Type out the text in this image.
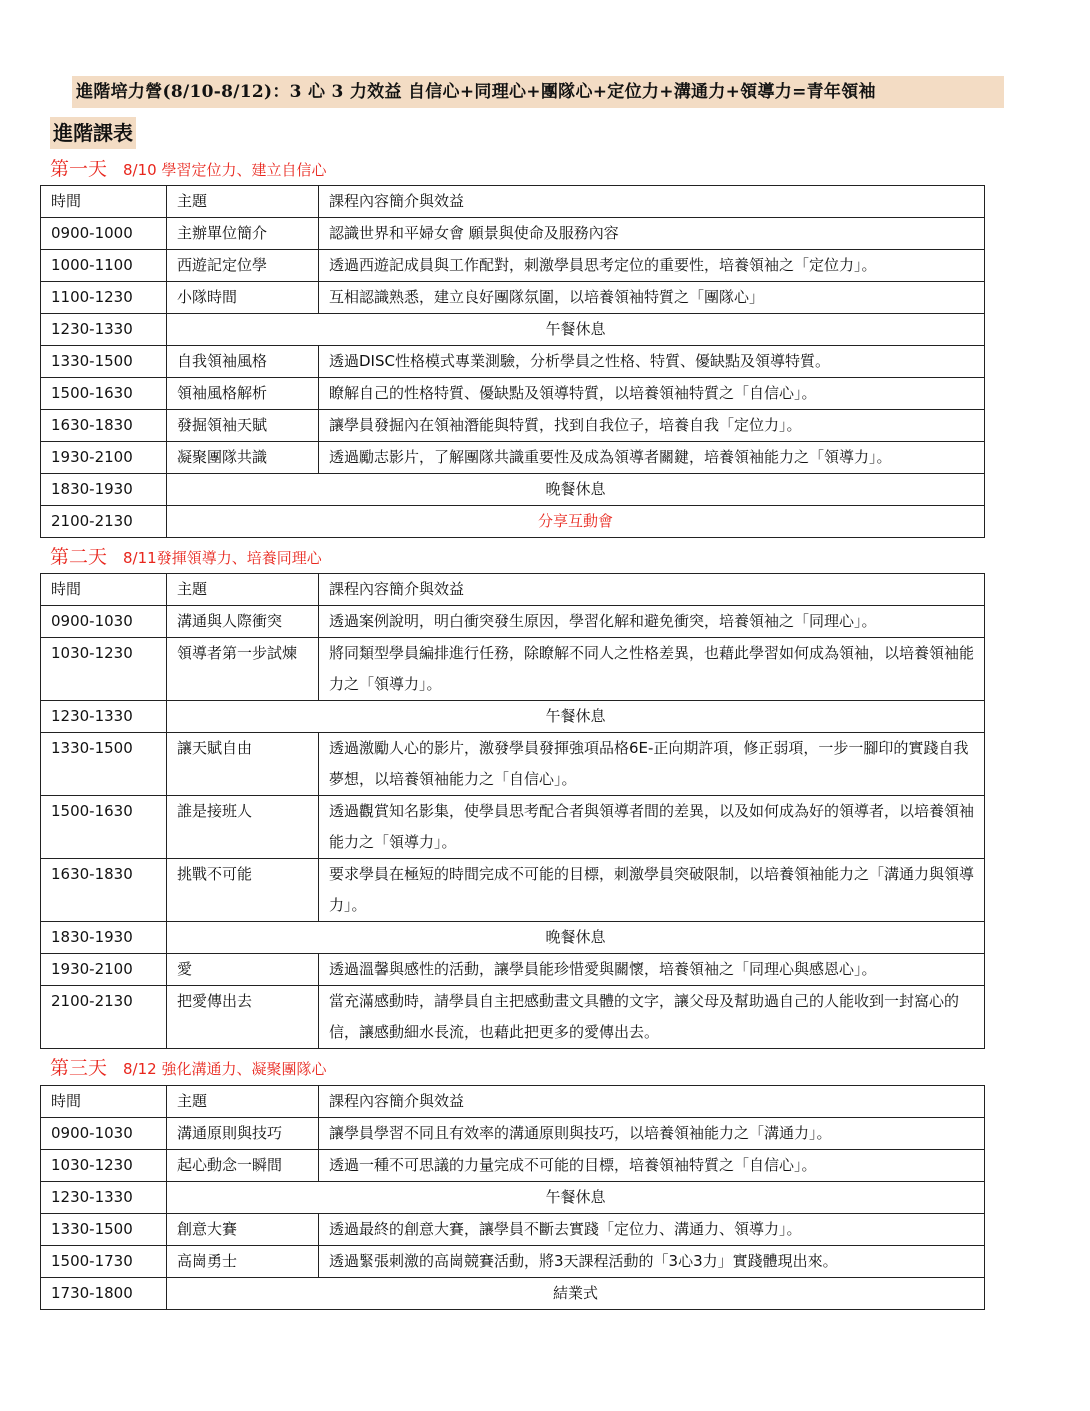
進階培力營(8/10-8/12)：3 心 3 力效益 自信心+同理心+團隊心+定位力+溝通力+領導力=青年領袖
進階課表
第一天 8/10 學習定位力、建立自信心
時間	主題	課程內容簡介與效益
0900-1000	主辦單位簡介	認識世界和平婦女會 願景與使命及服務內容
1000-1100	西遊記定位學	透過西遊記成員與工作配對，刺激學員思考定位的重要性，培養領袖之「定位力」。
1100-1230	小隊時間	互相認識熟悉，建立良好團隊氛圍，以培養領袖特質之「團隊心」
1230-1330	午餐休息	
1330-1500	自我領袖風格	透過DISC性格模式專業測驗，分析學員之性格、特質、優缺點及領導特質。
1500-1630	領袖風格解析	瞭解自己的性格特質、優缺點及領導特質，以培養領袖特質之「自信心」。
1630-1830	發掘領袖天賦	讓學員發掘內在領袖潛能與特質，找到自我位子，培養自我「定位力」。
1930-2100	凝聚團隊共識	透過勵志影片，了解團隊共識重要性及成為領導者關鍵，培養領袖能力之「領導力」。
1830-1930	晚餐休息	
2100-2130	分享互動會	
第二天 8/11發揮領導力、培養同理心
時間	主題	課程內容簡介與效益
0900-1030	溝通與人際衝突	透過案例說明，明白衝突發生原因，學習化解和避免衝突，培養領袖之「同理心」。
1030-1230	領導者第一步試煉	將同類型學員編排進行任務，除瞭解不同人之性格差異，也藉此學習如何成為領袖，以培養領袖能力之「領導力」。
1230-1330	午餐休息	
1330-1500	讓天賦自由	透過激勵人心的影片，激發學員發揮強項品格6E-正向期許項，修正弱項，一步一腳印的實踐自我夢想，以培養領袖能力之「自信心」。
1500-1630	誰是接班人	透過觀賞知名影集，使學員思考配合者與領導者間的差異，以及如何成為好的領導者，以培養領袖能力之「領導力」。
1630-1830	挑戰不可能	要求學員在極短的時間完成不可能的目標，刺激學員突破限制，以培養領袖能力之「溝通力與領導力」。
1830-1930	晚餐休息	
1930-2100	愛	透過溫馨與感性的活動，讓學員能珍惜愛與關懷，培養領袖之「同理心與感恩心」。
2100-2130	把愛傳出去	當充滿感動時，請學員自主把感動畫文具體的文字，讓父母及幫助過自己的人能收到一封窩心的信，讓感動細水長流，也藉此把更多的愛傳出去。
第三天 8/12 強化溝通力、凝聚團隊心
時間	主題	課程內容簡介與效益
0900-1030	溝通原則與技巧	讓學員學習不同且有效率的溝通原則與技巧，以培養領袖能力之「溝通力」。
1030-1230	起心動念一瞬間	透過一種不可思議的力量完成不可能的目標，培養領袖特質之「自信心」。
1230-1330	午餐休息	
1330-1500	創意大賽	透過最終的創意大賽，讓學員不斷去實踐「定位力、溝通力、領導力」。
1500-1730	高崗勇士	透過緊張刺激的高崗競賽活動，將3天課程活動的「3心3力」實踐體現出來。
1730-1800	結業式	
